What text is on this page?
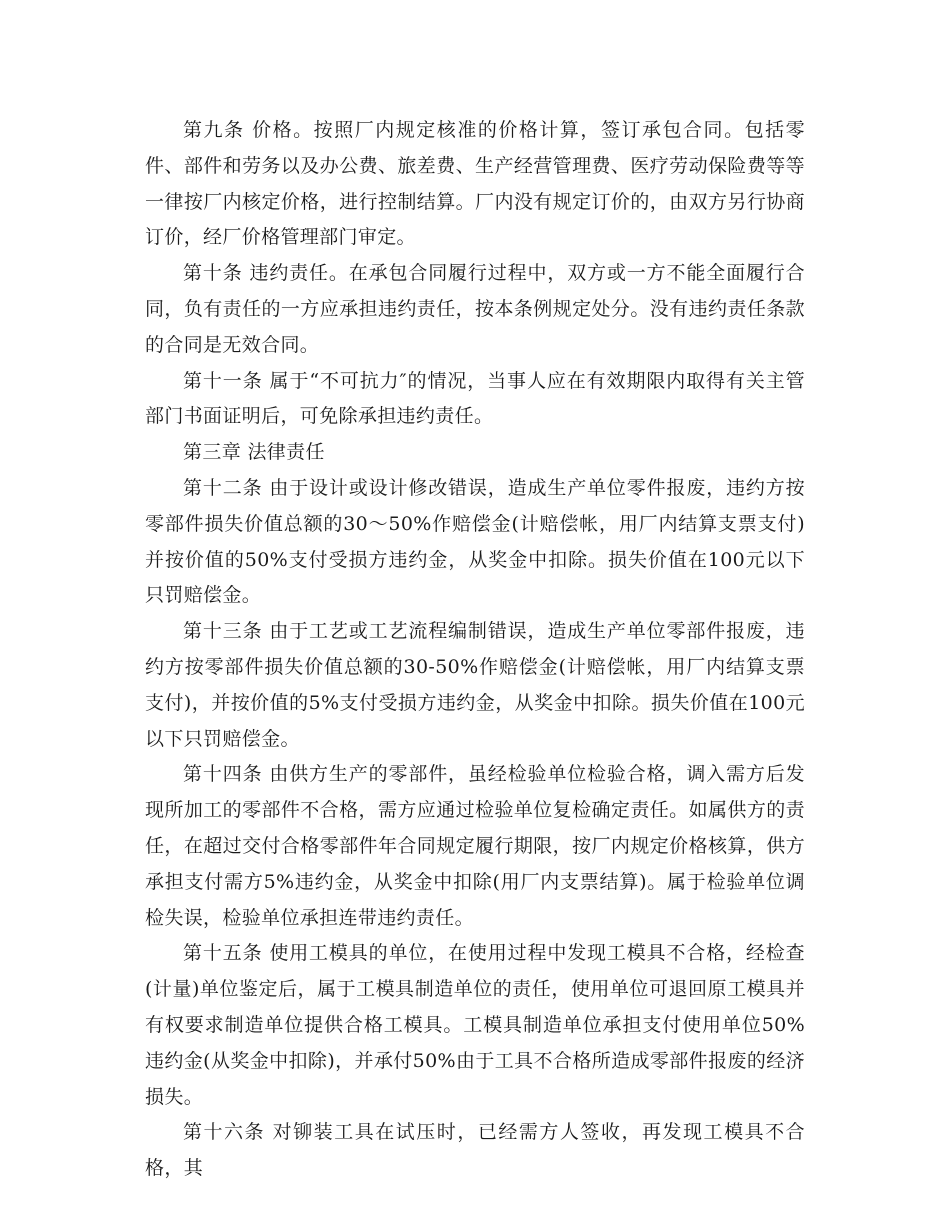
第九条 价格。按照厂内规定核准的价格计算，签订承包合同。包括零件、部件和劳务以及办公费、旅差费、生产经营管理费、医疗劳动保险费等等一律按厂内核定价格，进行控制结算。厂内没有规定订价的，由双方另行协商订价，经厂价格管理部门审定。

第十条 违约责任。在承包合同履行过程中，双方或一方不能全面履行合同，负有责任的一方应承担违约责任，按本条例规定处分。没有违约责任条款的合同是无效合同。

第十一条 属于“不可抗力″的情况，当事人应在有效期限内取得有关主管部门书面证明后，可免除承担违约责任。

第三章 法律责任

第十二条 由于设计或设计修改错误，造成生产单位零件报废，违约方按零部件损失价值总额的30～50%作赔偿金(计赔偿帐，用厂内结算支票支付)并按价值的50%支付受损方违约金，从奖金中扣除。损失价值在100元以下只罚赔偿金。

第十三条 由于工艺或工艺流程编制错误，造成生产单位零部件报废，违约方按零部件损失价值总额的30-50%作赔偿金(计赔偿帐，用厂内结算支票支付)，并按价值的5%支付受损方违约金，从奖金中扣除。损失价值在100元以下只罚赔偿金。

第十四条 由供方生产的零部件，虽经检验单位检验合格，调入需方后发现所加工的零部件不合格，需方应通过检验单位复检确定责任。如属供方的责任，在超过交付合格零部件年合同规定履行期限，按厂内规定价格核算，供方承担支付需方5%违约金，从奖金中扣除(用厂内支票结算)。属于检验单位调检失误，检验单位承担连带违约责任。

第十五条 使用工模具的单位，在使用过程中发现工模具不合格，经检查(计量)单位鉴定后，属于工模具制造单位的责任，使用单位可退回原工模具并有权要求制造单位提供合格工模具。工模具制造单位承担支付使用单位50%违约金(从奖金中扣除)，并承付50%由于工具不合格所造成零部件报废的经济损失。

第十六条 对铆装工具在试压时，已经需方人签收，再发现工模具不合格，其
